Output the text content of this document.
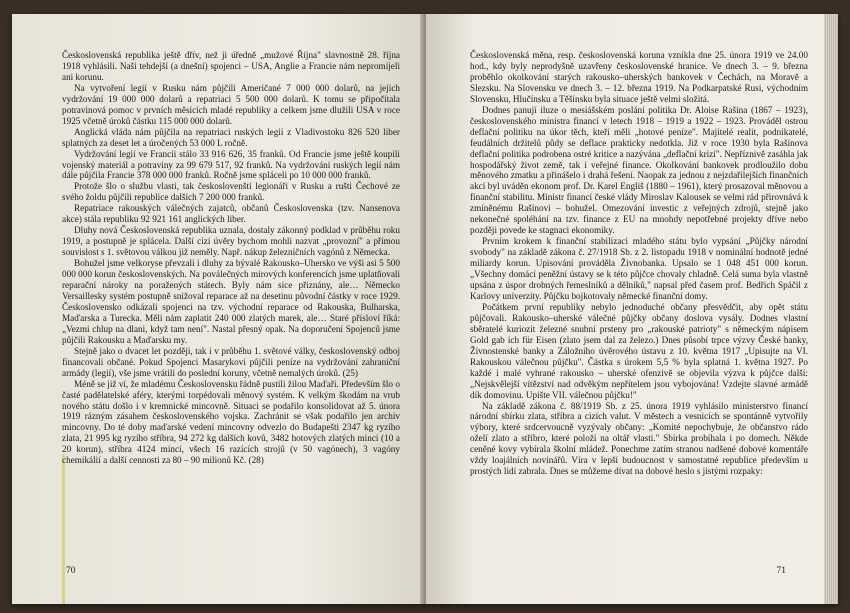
Československá republika ještě dřív, než ji úředně „mužové Října" slavnostně 28. října 1918 vyhlásili. Naši tehdejší (a dnešní) spojenci – USA, Anglie a Francie nám nepromíjeli ani korunu.

Na vytvoření legií v Rusku nám půjčili Američané 7 000 000 dolarů, na jejich vydržování 19 000 000 dolarů a repatriaci 5 500 000 dolarů. K tomu se připočítala potravinová pomoc v prvních měsících mladé republiky a celkem jsme dlužili USA v roce 1925 včetně úroků částku 115 000 000 dolarů.

Anglická vláda nám půjčila na repatriaci ruských legií z Vladivostoku 826 520 liber splatných za deset let a úročených 53 000 L ročně.

Vydržování legií ve Francii stálo 33 916 626, 35 franků. Od Francie jsme ještě koupili vojenský materiál a potraviny za 99 679 517, 92 franků. Na vydržování ruských legií nám dále půjčila Francie 378 000 000 franků. Ročně jsme spláceli po 10 000 000 franků.

Protože šlo o službu vlasti, tak českoslovenští legionáři v Rusku a rušti Čechové ze svého žoldu půjčili republice dalších 7 200 000 franků.

Repatriace rakouských válečných zajatců, občanů Československa (tzv. Nansenova akce) stála republiku 92 921 161 anglických liber.

Dluhy nová Československá republika uznala, dostaly zákonný podklad v průběhu roku 1919, a postupně je splácela. Další cizí úvěry bychom mohli nazvat „provozní" a přímou souvislost s 1. světovou válkou již neměly. Např. nákup železničních vagónů z Německa.

Bohužel jsme velkoryse převzali i dluhy za bývalé Rakousko–Uhersko ve výši asi 5 500 000 000 korun československých. Na poválečných mírových konferencích jsme uplatňovali reparační nároky na poražených státech. Byly nám sice přiznány, ale… Německo Versaillesky systém postupně snižoval reparace až na desetinu původní částky v roce 1929. Československo odkázali spojenci na tzv. východní reparace od Rakouska, Bulharska, Maďarska a Turecka. Měli nám zaplatit 240 000 zlatých marek, ale… Staré přísloví říká: „Vezmi chlup na dlani, když tam není". Nastal přesný opak. Na doporučení Spojenců jsme půjčili Rakousku a Maďarsku my.

Stejně jako o dvacet let později, tak i v průběhu 1. světové války, československý odboj financovali občané. Pokud Spojenci Masarykovi půjčili peníze na vydržování zahraniční armády (legií), vše jsme vrátili do poslední koruny, včetně nemalých úroků. (25)

Méně se již ví, že mladému Československu řádně pustili žilou Maďaři. Především šlo o časté padělatelské aféry, kterými torpédovali měnový systém. K velkým škodám na vrub nového státu došlo i v kremnické mincovně. Situaci se podařilo konsolidovat až 5. února 1919 rázným zásahem československého vojska. Zachránit se však podařilo jen archiv mincovny. Do té doby maďarské vedení mincovny odvezlo do Budapešti 2347 kg ryzího zlata, 21 995 kg ryzího stříbra, 94 272 kg dalších kovů, 3482 hotových zlatých mincí (10 a 20 korun), stříbra 4124 mincí, všech 16 razících strojů (v 50 vagónech), 3 vagóny chemikálií a další cennosti za 80 – 90 milionů Kč. (28)

70

Československá měna, resp. československá koruna vznikla dne 25. února 1919 ve 24.00 hod., kdy byly neprodyšně uzavřeny československé hranice. Ve dnech 3. – 9. března proběhlo okolkování starých rakousko–uherských bankovek v Čechách, na Moravě a Slezsku. Na Slovensku ve dnech 3. – 12. března 1919. Na Podkarpatské Rusi, východním Slovensku, Hlučínsku a Těšínsku byla situace ještě velmi složitá.

Dodnes panují iluze o mesiášském poslání politika Dr. Aloise Rašína (1867 – 1923), československého ministra financí v letech 1918 – 1919 a 1922 – 1923. Prováděl ostrou deflační politiku na úkor těch, kteří měli „hotové peníze". Majitelé realit, podnikatelé, feudálních držitelů půdy se deflace prakticky nedotkla. Již v roce 1930 byla Rašínova deflační politika podrobena ostré kritice a nazývána „deflační krizí". Nepříznivě zasáhla jak hospodářský život země, tak i veřejné finance. Okolkování bankovek prodloužilo dobu měnového zmatku a přinášelo i drahá řešení. Naopak za jednou z nejzdařilejších finančních akcí byl uváděn ekonom prof. Dr. Karel Engliš (1880 – 1961), který prosazoval měnovou a finanční stabilitu. Ministr financí české vlády Miroslav Kalousek se velmi rád přirovnává k zmíněnému Rašínovi – bohužel. Omezování investic z veřejných zdrojů, stejně jako nekonečné spoléhání na tzv. finance z EU na mnohdy nepotřebné projekty dříve nebo později povede ke stagnaci ekonomiky.

Prvním krokem k finanční stabilizaci mladého státu bylo vypsání „Půjčky národní svobody" na základě zákona č. 27/1918 Sb. z 2. listopadu 1918 v nominální hodnotě jedné miliardy korun. Upisování prováděla Živnobanka. Upsalo se 1 048 451 000 korun. „Všechny domácí peněžní ústavy se k této půjčce chovaly chladně. Celá suma byla vlastně upsána z úspor drobných řemeslníků a dělníků," napsal před časem prof. Bedřich Spáčil z Karlovy univerzity. Půjčku bojkotovaly německé finanční domy.

Počátkem první republiky nebylo jednoduché občany přesvědčit, aby opět státu půjčovali. Rakousko–uherské válečné půjčky občany doslova vysály. Dodnes vlastní sběratelé kuriozit železné snubní prsteny pro „rakouské patrioty" s německým nápisem Gold gab ich für Eisen (zlato jsem dal za železo.) Dnes působí trpce výzvy České banky, Živnostenské banky a Záložního úvěrového ústavu z 10. května 1917 „Upisujte na VI. Rakouskou válečnou půjčku". Částka s úrokem 5,5 % byla splatná 1. května 1927. Po každé i malé vyhrané rakousko – uherské ofenzivě se objevila výzva k půjčce další: „Nejskvělejší vítězství nad odvěkým nepřítelem jsou vybojována! Vzdejte slavné armádě dík domovinu. Upište VII. válečnou půjčku!"

Na základě zákona č. 88/1919 Sb. z 25. února 1919 vyhlásilo ministerstvo financí národní sbírku zlata, stříbra a cizích valut. V městech a vesnicích se spontánně vytvořily výbory, které srdcervoucně vyzývaly občany: „Komité nepochybuje, že občanstvo rádo oželí zlato a stříbro, které položí na oltář vlasti." Sbírka probíhala i po domech. Někde ceněné kovy vybírala školní mládež. Ponechme zatím stranou nadšené dobové komentáře vždy loajálních novinářů. Víra v lepší budoucnost v samostatné republice především u prostých lidí zabrala. Dnes se můžeme dívat na dobové heslo s jistými rozpaky:

71
